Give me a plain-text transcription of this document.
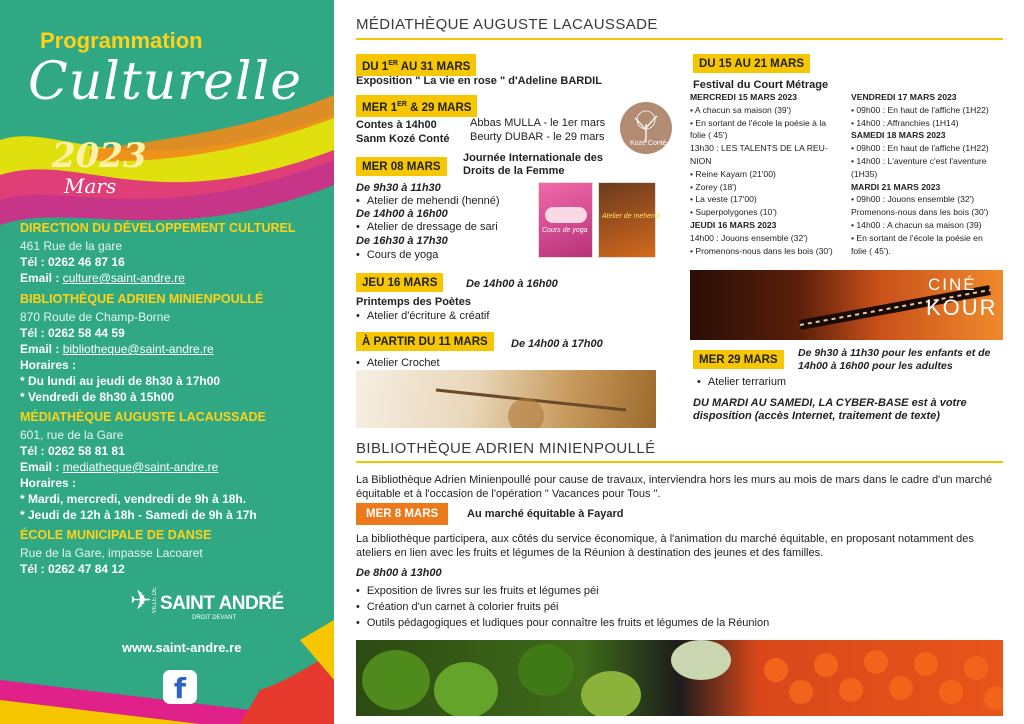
Programmation
Culturelle
2023
Mars
DIRECTION DU DÉVELOPPEMENT CULTUREL
461 Rue de la gare
Tél : 0262 46 87 16
Email : culture@saint-andre.re
BIBLIOTHÈQUE ADRIEN MINIENPOULLÉ
870 Route de Champ-Borne
Tél : 0262 58 44 59
Email : bibliotheque@saint-andre.re
Horaires :
* Du lundi au jeudi de 8h30 à 17h00
* Vendredi de 8h30 à 15h00
MÉDIATHÈQUE AUGUSTE LACAUSSADE
601, rue de la Gare
Tél : 0262 58 81 81
Email : mediatheque@saint-andre.re
Horaires :
* Mardi, mercredi, vendredi de 9h à 18h.
* Jeudi de 12h à 18h - Samedi de 9h à 17h
ÉCOLE MUNICIPALE DE DANSE
Rue de la Gare, impasse Lacoaret
Tél : 0262 47 84 12
✈ VILLE DE SAINT ANDRÉ
DROIT DEVANT
www.saint-andre.re
f
MÉDIATHÈQUE AUGUSTE LACAUSSADE
DU 1ER AU 31 MARS
Exposition " La vie en rose " d'Adeline BARDIL
MER 1ER & 29 MARS
Contes à 14h00
Sanm Kozé Conté
Abbas MULLA - le 1er mars
Beurty DUBAR - le 29 mars
Kozé Conté
MER 08 MARS
Journée Internationale des
Droits de la Femme
De 9h30 à 11h30
• Atelier de mehendi (henné)
De 14h00 à 16h00
• Atelier de dressage de sari
De 16h30 à 17h30
• Cours de yoga
Cours de yoga
Atelier de mehendi
JEU 16 MARS	De 14h00 à 16h00
Printemps des Poètes
• Atelier d'écriture & créatif
À PARTIR DU 11 MARS	De 14h00 à 17h00
• Atelier Crochet
DU 15 AU 21 MARS
Festival du Court Métrage
MERCREDI 15 MARS 2023
• A chacun sa maison (39')
• En sortant de l'école la poésie à la
folie ( 45')
13h30 : LES TALENTS DE LA REU-
NION
• Reine Kayam (21'00)
• Zorey (18')
• La veste (17'00)
• Superpolygones (10')
JEUDI 16 MARS 2023
14h00 : Jouons ensemble (32')
• Promenons-nous dans les bois (30')
VENDREDI 17 MARS 2023
• 09h00 : En haut de l'affiche (1H22)
• 14h00 : Affranchies (1H14)
SAMEDI 18 MARS 2023
• 09h00 : En haut de l'affiche (1H22)
• 14h00 : L'aventure c'est l'aventure
(1H35)
MARDI 21 MARS 2023
• 09h00 : Jouons ensemble (32')
Promenons-nous dans les bois (30')
• 14h00 : A chacun sa maison (39)
• En sortant de l'école la poésie en
folie ( 45').
CINÉ
KOUR
MER 29 MARS
De 9h30 à 11h30 pour les enfants et de
14h00 à 16h00 pour les adultes
• Atelier terrarium
DU MARDI AU SAMEDI, LA CYBER-BASE est à votre
disposition (accès Internet, traitement de texte)
BIBLIOTHÈQUE ADRIEN MINIENPOULLÉ
La Bibliothèque Adrien Minienpoullé pour cause de travaux, interviendra hors les murs au mois de mars dans le cadre d'un marché
équitable et à l'occasion de l'opération " Vacances pour Tous ".
MER 8 MARS	Au marché équitable à Fayard
La bibliothèque participera, aux côtés du service économique, à l'animation du marché équitable, en proposant notamment des
ateliers en lien avec les fruits et légumes de la Réunion à destination des jeunes et des familles.
De 8h00 à 13h00
• Exposition de livres sur les fruits et légumes péi
• Création d'un carnet à colorier fruits péi
• Outils pédagogiques et ludiques pour connaître les fruits et légumes de la Réunion
